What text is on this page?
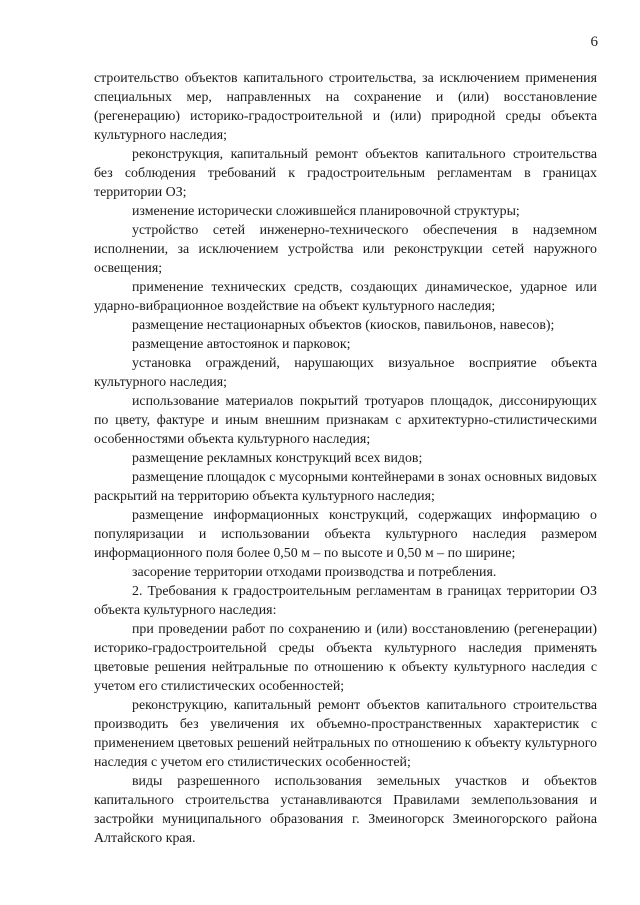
6

строительство объектов капитального строительства, за исключением применения специальных мер, направленных на сохранение и (или) восстановление (регенерацию) историко-градостроительной и (или) природной среды объекта культурного наследия;

реконструкция, капитальный ремонт объектов капитального строительства без соблюдения требований к градостроительным регламентам в границах территории ОЗ;

изменение исторически сложившейся планировочной структуры;

устройство сетей инженерно-технического обеспечения в надземном исполнении, за исключением устройства или реконструкции сетей наружного освещения;

применение технических средств, создающих динамическое, ударное или ударно-вибрационное воздействие на объект культурного наследия;

размещение нестационарных объектов (киосков, павильонов, навесов);

размещение автостоянок и парковок;

установка ограждений, нарушающих визуальное восприятие объекта культурного наследия;

использование материалов покрытий тротуаров площадок, диссонирующих по цвету, фактуре и иным внешним признакам с архитектурно-стилистическими особенностями объекта культурного наследия;

размещение рекламных конструкций всех видов;

размещение площадок с мусорными контейнерами в зонах основных видовых раскрытий на территорию объекта культурного наследия;

размещение информационных конструкций, содержащих информацию о популяризации и использовании объекта культурного наследия размером информационного поля более 0,50 м – по высоте и 0,50 м – по ширине;

засорение территории отходами производства и потребления.

2. Требования к градостроительным регламентам в границах территории ОЗ объекта культурного наследия:

при проведении работ по сохранению и (или) восстановлению (регенерации) историко-градостроительной среды объекта культурного наследия применять цветовые решения нейтральные по отношению к объекту культурного наследия с учетом его стилистических особенностей;

реконструкцию, капитальный ремонт объектов капитального строительства производить без увеличения их объемно-пространственных характеристик с применением цветовых решений нейтральных по отношению к объекту культурного наследия с учетом его стилистических особенностей;

виды разрешенного использования земельных участков и объектов капитального строительства устанавливаются Правилами землепользования и застройки муниципального образования г. Змеиногорск Змеиногорского района Алтайского края.
